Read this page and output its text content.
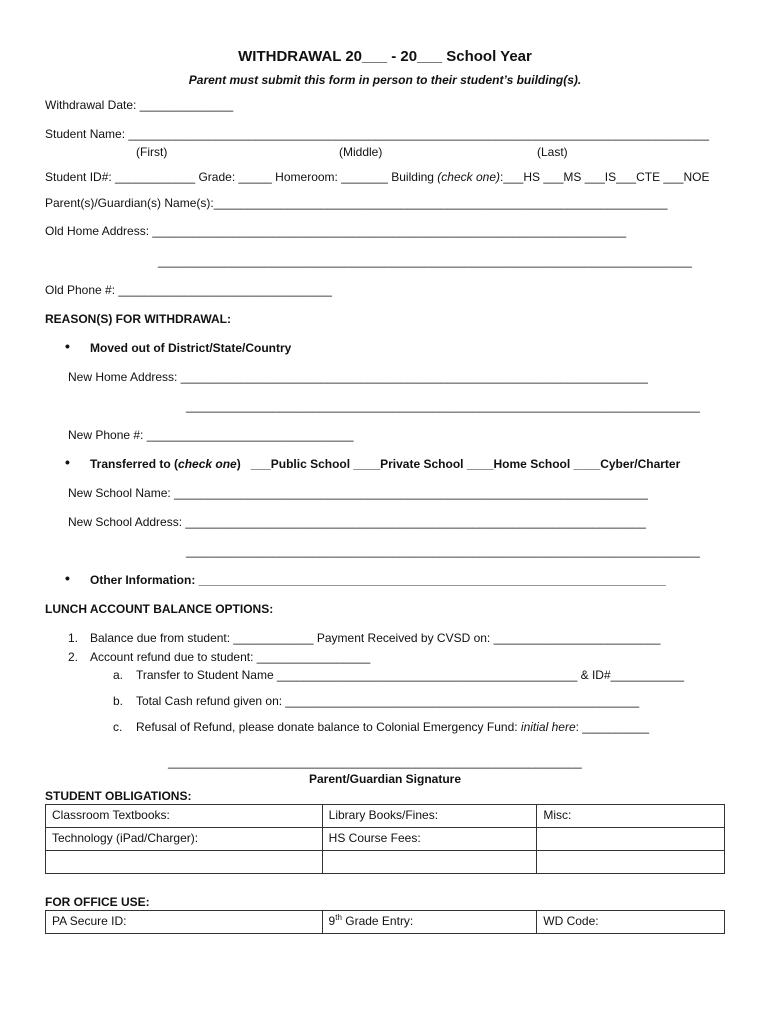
WITHDRAWAL 20___ - 20___ School Year
Parent must submit this form in person to their student’s building(s).
Withdrawal Date: ______________
Student Name: _______________________________________________________________________________________
(First)	(Middle)	(Last)
Student ID#: ____________ Grade: _____ Homeroom: _______ Building (check one):___HS ___MS ___IS___CTE ___NOE
Parent(s)/Guardian(s) Name(s):____________________________________________________________________
Old Home Address: _______________________________________________________________________
________________________________________________________________________________
Old Phone #: ________________________________
REASON(S) FOR WITHDRAWAL:
• Moved out of District/State/Country
New Home Address: ______________________________________________________________________
_____________________________________________________________________________
New Phone #: _______________________________
• Transferred to (check one)   ___Public School ____Private School ____Home School ____Cyber/Charter
New School Name: _______________________________________________________________________
New School Address: _____________________________________________________________________
_____________________________________________________________________________
• Other Information: ______________________________________________________________________
LUNCH ACCOUNT BALANCE OPTIONS:
1. Balance due from student: ____________ Payment Received by CVSD on: _________________________
2. Account refund due to student: _________________
a. Transfer to Student Name _____________________________________________ & ID#___________
b. Total Cash refund given on: _____________________________________________________
c. Refusal of Refund, please donate balance to Colonial Emergency Fund: initial here: __________
______________________________________________________________
Parent/Guardian Signature
STUDENT OBLIGATIONS:
Classroom Textbooks:	Library Books/Fines:	Misc:
Technology (iPad/Charger):	HS Course Fees:	

FOR OFFICE USE:
PA Secure ID:	9th Grade Entry:	WD Code:
